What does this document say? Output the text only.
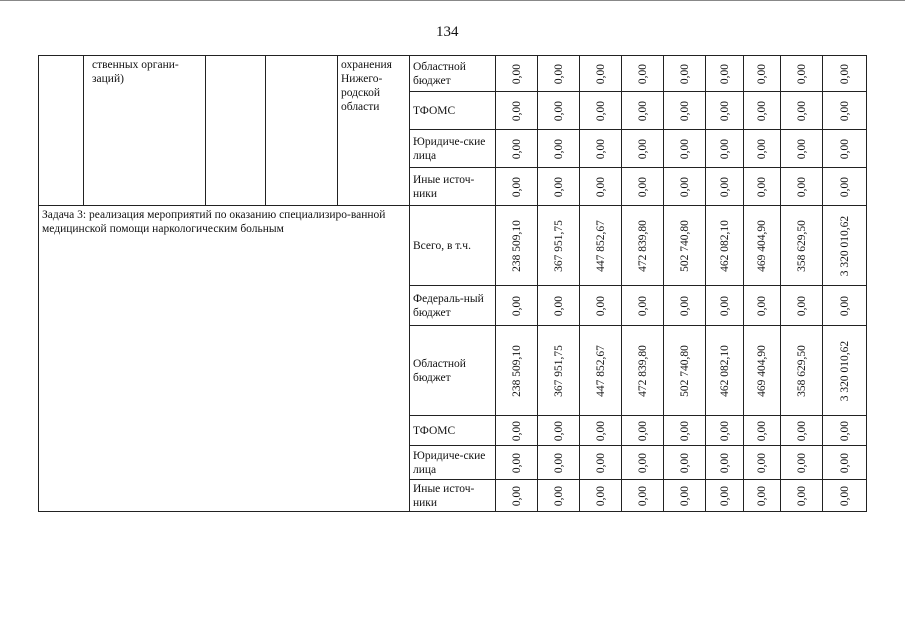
134
	ственных органи-заций)			охранения Нижего-родской области	Областной бюджет	0,00	0,00	0,00	0,00	0,00	0,00	0,00	0,00	0,00

					ТФОМС	0,00	0,00	0,00	0,00	0,00	0,00	0,00	0,00	0,00

					Юридиче-ские лица	0,00	0,00	0,00	0,00	0,00	0,00	0,00	0,00	0,00

					Иные источ-ники	0,00	0,00	0,00	0,00	0,00	0,00	0,00	0,00	0,00

Задача 3: реализация мероприятий по оказанию специализиро-ванной медицинской помощи наркологическим больным					Всего, в т.ч.	238 509,10	367 951,75	447 852,67	472 839,80	502 740,80	462 082,10	469 404,90	358 629,50	3 320 010,62

					Федераль-ный бюджет	0,00	0,00	0,00	0,00	0,00	0,00	0,00	0,00	0,00

					Областной бюджет	238 509,10	367 951,75	447 852,67	472 839,80	502 740,80	462 082,10	469 404,90	358 629,50	3 320 010,62

					ТФОМС	0,00	0,00	0,00	0,00	0,00	0,00	0,00	0,00	0,00

					Юридиче-ские лица	0,00	0,00	0,00	0,00	0,00	0,00	0,00	0,00	0,00

					Иные источ-ники	0,00	0,00	0,00	0,00	0,00	0,00	0,00	0,00	0,00
